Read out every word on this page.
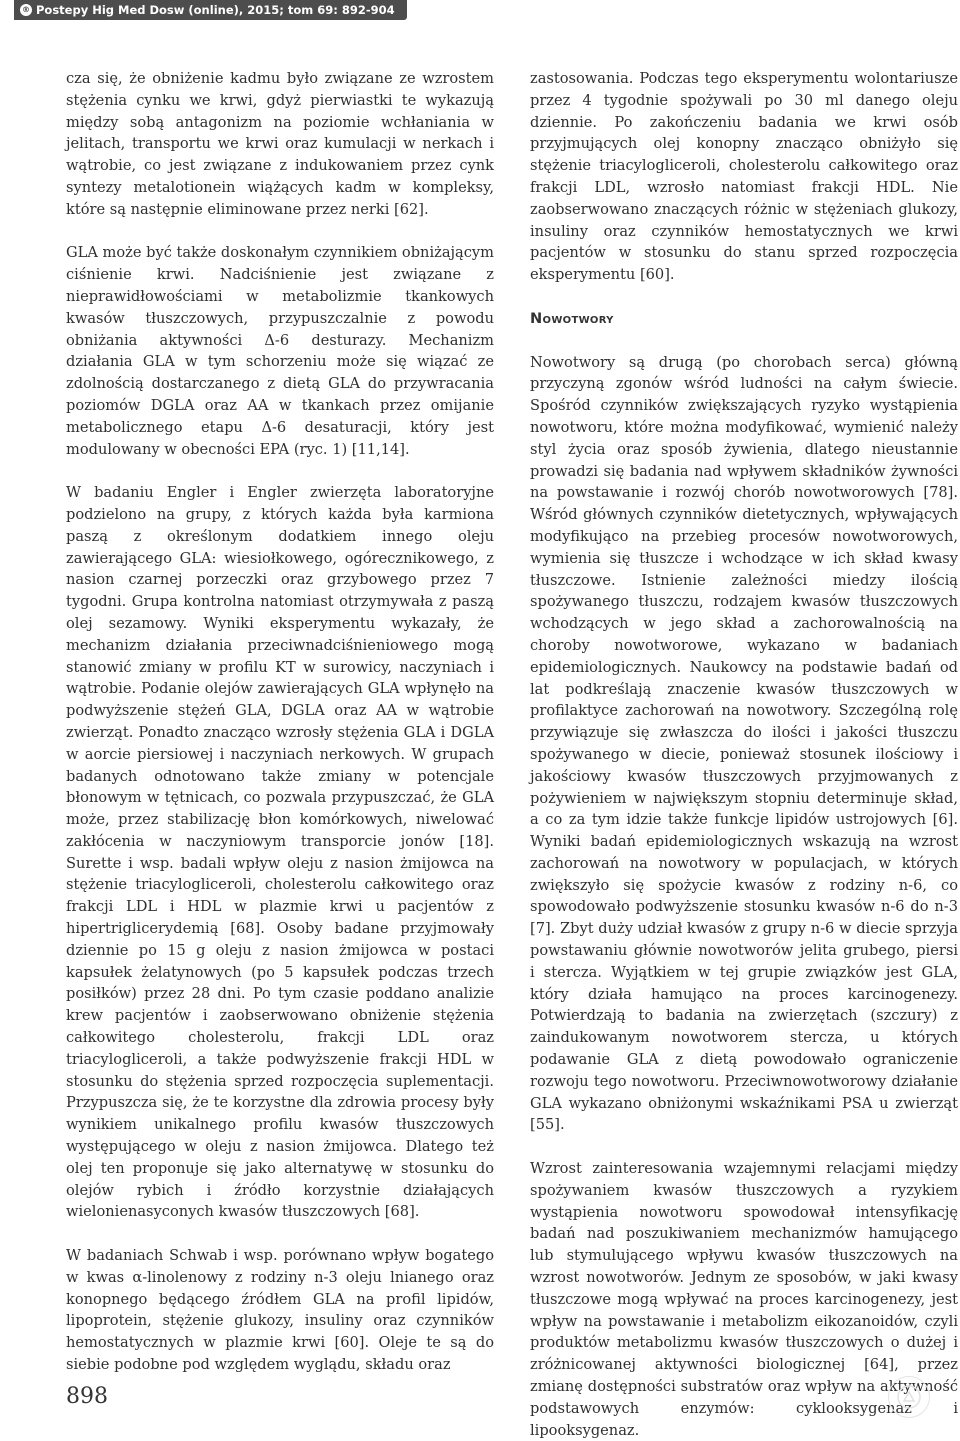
® Postepy Hig Med Dosw (online), 2015; tom 69: 892-904

cza się, że obniżenie kadmu było związane ze wzrostem stężenia cynku we krwi, gdyż pierwiastki te wykazują między sobą antagonizm na poziomie wchłaniania w jelitach, transportu we krwi oraz kumulacji w nerkach i wątrobie, co jest związane z indukowaniem przez cynk syntezy metalotionein wiążących kadm w kompleksy, które są następnie eliminowane przez nerki [62].

GLA może być także doskonałym czynnikiem obniżającym ciśnienie krwi. Nadciśnienie jest związane z nieprawidłowościami w metabolizmie tkankowych kwasów tłuszczowych, przypuszczalnie z powodu obniżania aktywności Δ-6 desturazy. Mechanizm działania GLA w tym schorzeniu może się wiązać ze zdolnością dostarczanego z dietą GLA do przywracania poziomów DGLA oraz AA w tkankach przez omijanie metabolicznego etapu Δ-6 desaturacji, który jest modulowany w obecności EPA (ryc. 1) [11,14].

W badaniu Engler i Engler zwierzęta laboratoryjne podzielono na grupy, z których każda była karmiona paszą z określonym dodatkiem innego oleju zawierającego GLA: wiesiołkowego, ogórecznikowego, z nasion czarnej porzeczki oraz grzybowego przez 7 tygodni. Grupa kontrolna natomiast otrzymywała z paszą olej sezamowy. Wyniki eksperymentu wykazały, że mechanizm działania przeciwnadciśnieniowego mogą stanowić zmiany w profilu KT w surowicy, naczyniach i wątrobie. Podanie olejów zawierających GLA wpłynęło na podwyższenie stężeń GLA, DGLA oraz AA w wątrobie zwierząt. Ponadto znacząco wzrosły stężenia GLA i DGLA w aorcie piersiowej i naczyniach nerkowych. W grupach badanych odnotowano także zmiany w potencjale błonowym w tętnicach, co pozwala przypuszczać, że GLA może, przez stabilizację błon komórkowych, niwelować zakłócenia w naczyniowym transporcie jonów [18]. Surette i wsp. badali wpływ oleju z nasion żmijowca na stężenie triacylogliceroli, cholesterolu całkowitego oraz frakcji LDL i HDL w plazmie krwi u pacjentów z hipertriglicerydemią [68]. Osoby badane przyjmowały dziennie po 15 g oleju z nasion żmijowca w postaci kapsułek żelatynowych (po 5 kapsułek podczas trzech posiłków) przez 28 dni. Po tym czasie poddano analizie krew pacjentów i zaobserwowano obniżenie stężenia całkowitego cholesterolu, frakcji LDL oraz triacylogliceroli, a także podwyższenie frakcji HDL w stosunku do stężenia sprzed rozpoczęcia suplementacji. Przypuszcza się, że te korzystne dla zdrowia procesy były wynikiem unikalnego profilu kwasów tłuszczowych występującego w oleju z nasion żmijowca. Dlatego też olej ten proponuje się jako alternatywę w stosunku do olejów rybich i źródło korzystnie działających wielonienasyconych kwasów tłuszczowych [68].

W badaniach Schwab i wsp. porównano wpływ bogatego w kwas α-linolenowy z rodziny n-3 oleju lnianego oraz konopnego będącego źródłem GLA na profil lipidów, lipoprotein, stężenie glukozy, insuliny oraz czynników hemostatycznych w plazmie krwi [60]. Oleje te są do siebie podobne pod względem wyglądu, składu oraz

zastosowania. Podczas tego eksperymentu wolontariusze przez 4 tygodnie spożywali po 30 ml danego oleju dziennie. Po zakończeniu badania we krwi osób przyjmujących olej konopny znacząco obniżyło się stężenie triacylogliceroli, cholesterolu całkowitego oraz frakcji LDL, wzrosło natomiast frakcji HDL. Nie zaobserwowano znaczących różnic w stężeniach glukozy, insuliny oraz czynników hemostatycznych we krwi pacjentów w stosunku do stanu sprzed rozpoczęcia eksperymentu [60].

Nowotwory

Nowotwory są drugą (po chorobach serca) główną przyczyną zgonów wśród ludności na całym świecie. Spośród czynników zwiększających ryzyko wystąpienia nowotworu, które można modyfikować, wymienić należy styl życia oraz sposób żywienia, dlatego nieustannie prowadzi się badania nad wpływem składników żywności na powstawanie i rozwój chorób nowotworowych [78]. Wśród głównych czynników dietetycznych, wpływających modyfikująco na przebieg procesów nowotworowych, wymienia się tłuszcze i wchodzące w ich skład kwasy tłuszczowe. Istnienie zależności miedzy ilością spożywanego tłuszczu, rodzajem kwasów tłuszczowych wchodzących w jego skład a zachorowalnością na choroby nowotworowe, wykazano w badaniach epidemiologicznych. Naukowcy na podstawie badań od lat podkreślają znaczenie kwasów tłuszczowych w profilaktyce zachorowań na nowotwory. Szczególną rolę przywiązuje się zwłaszcza do ilości i jakości tłuszczu spożywanego w diecie, ponieważ stosunek ilościowy i jakościowy kwasów tłuszczowych przyjmowanych z pożywieniem w największym stopniu determinuje skład, a co za tym idzie także funkcje lipidów ustrojowych [6]. Wyniki badań epidemiologicznych wskazują na wzrost zachorowań na nowotwory w populacjach, w których zwiększyło się spożycie kwasów z rodziny n-6, co spowodowało podwyższenie stosunku kwasów n-6 do n-3 [7]. Zbyt duży udział kwasów z grupy n-6 w diecie sprzyja powstawaniu głównie nowotworów jelita grubego, piersi i stercza. Wyjątkiem w tej grupie związków jest GLA, który działa hamująco na proces karcinogenezy. Potwierdzają to badania na zwierzętach (szczury) z zaindukowanym nowotworem stercza, u których podawanie GLA z dietą powodowało ograniczenie rozwoju tego nowotworu. Przeciwnowotworowy działanie GLA wykazano obniżonymi wskaźnikami PSA u zwierząt [55].

Wzrost zainteresowania wzajemnymi relacjami między spożywaniem kwasów tłuszczowych a ryzykiem wystąpienia nowotworu spowodował intensyfikację badań nad poszukiwaniem mechanizmów hamującego lub stymulującego wpływu kwasów tłuszczowych na wzrost nowotworów. Jednym ze sposobów, w jaki kwasy tłuszczowe mogą wpływać na proces karcinogenezy, jest wpływ na powstawanie i metabolizm eikozanoidów, czyli produktów metabolizmu kwasów tłuszczowych o dużej i zróżnicowanej aktywności biologicznej [64], przez zmianę dostępności substratów oraz wpływ na aktywność podstawowych enzymów: cyklooksygenaz i lipooksygenaz.

898
